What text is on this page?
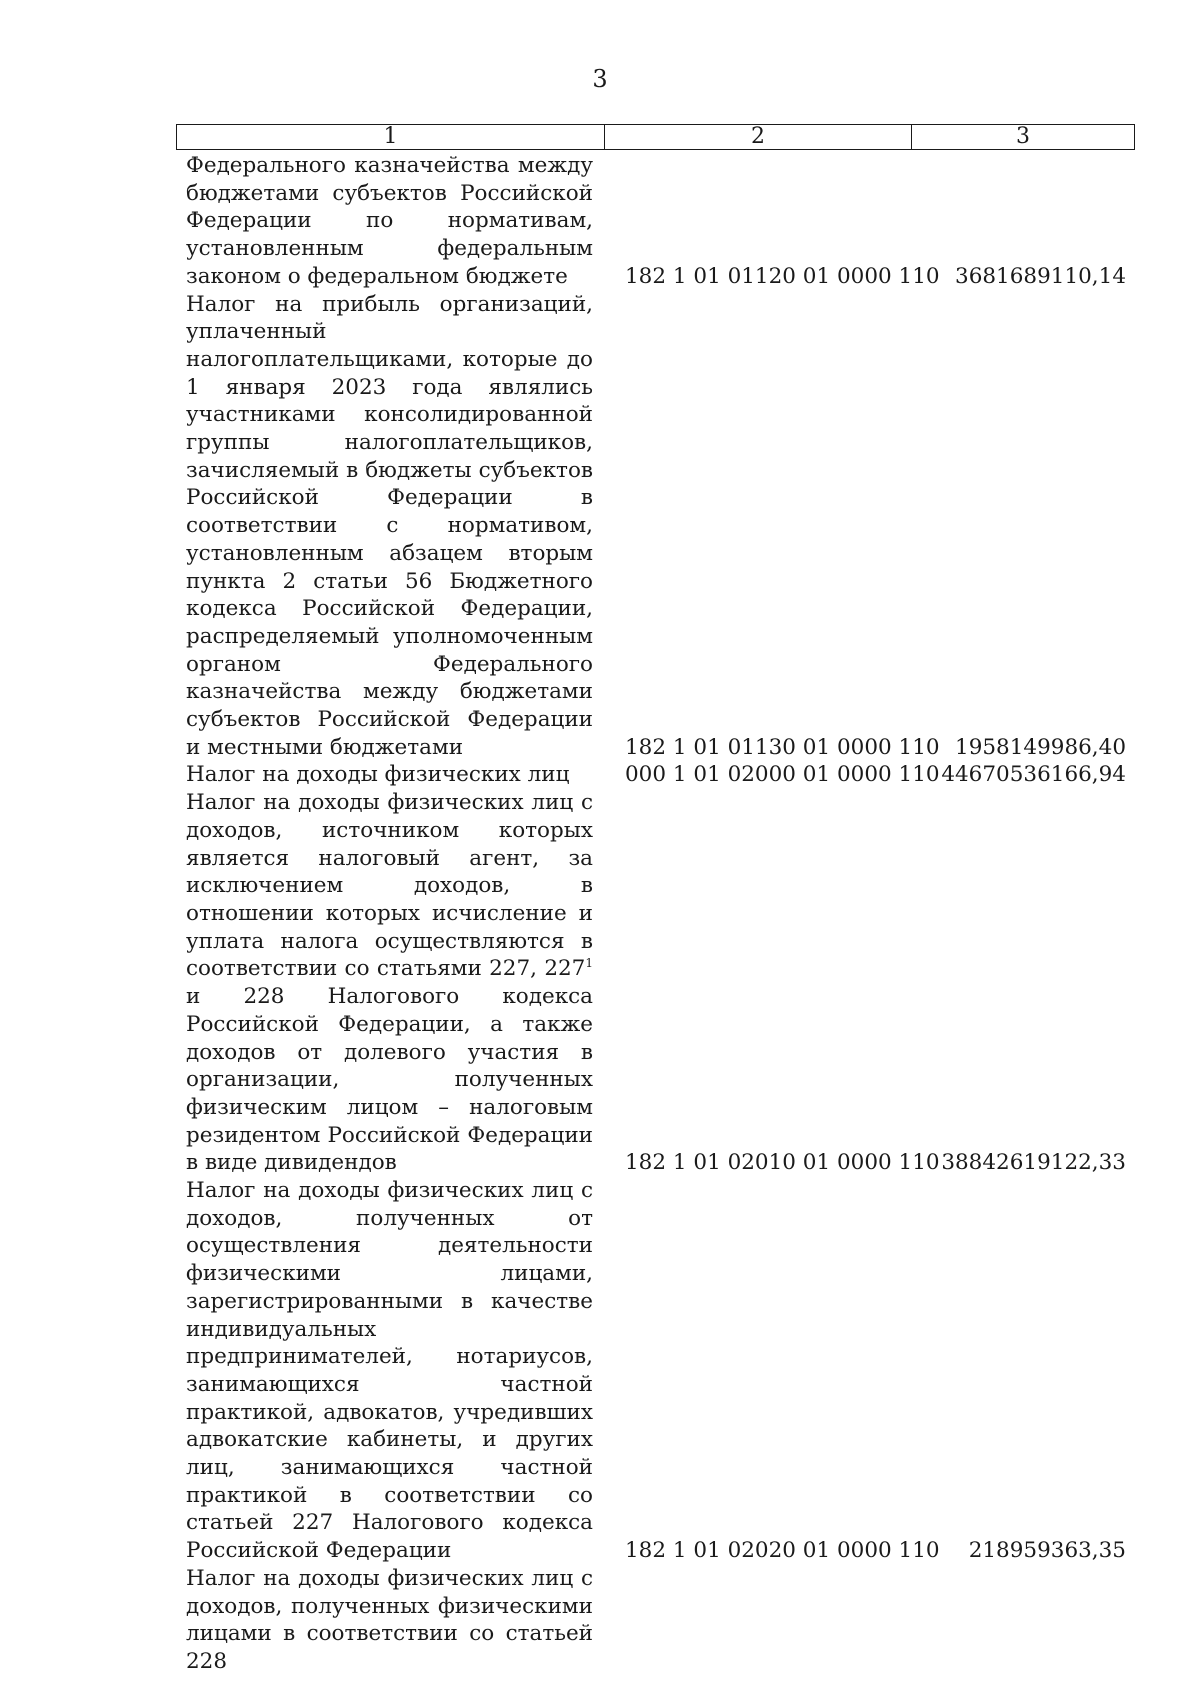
3
1	2	3
Федерального казначейства между бюджетами субъектов Российской Федерации по нормативам, установленным федеральным законом о федеральном бюджете	182 1 01 01120 01 0000 110 3681689110,14
Налог на прибыль организаций, уплаченный налогоплательщиками, которые до 1 января 2023 года являлись участниками консолидированной группы налогоплательщиков, зачисляемый в бюджеты субъектов Российской Федерации в соответствии с нормативом, установленным абзацем вторым пункта 2 статьи 56 Бюджетного кодекса Российской Федерации, распределяемый уполномоченным органом Федерального казначейства между бюджетами субъектов Российской Федерации и местными бюджетами	182 1 01 01130 01 0000 110 1958149986,40
Налог на доходы физических лиц	000 1 01 02000 01 0000 110 44670536166,94
Налог на доходы физических лиц с доходов, источником которых является налоговый агент, за исключением доходов, в отношении которых исчисление и уплата налога осуществляются в соответствии со статьями 227, $227^1$ и 228 Налогового кодекса Российской Федерации, а также доходов от долевого участия в организации, полученных физическим лицом – налоговым резидентом Российской Федерации в виде дивидендов	182 1 01 02010 01 0000 110 38842619122,33
Налог на доходы физических лиц с доходов, полученных от осуществления деятельности физическими лицами, зарегистрированными в качестве индивидуальных предпринимателей, нотариусов, занимающихся частной практикой, адвокатов, учредивших адвокатские кабинеты, и других лиц, занимающихся частной практикой в соответствии со статьей 227 Налогового кодекса Российской Федерации	182 1 01 02020 01 0000 110	218959363,35
Налог на доходы физических лиц с доходов, полученных физическими лицами в соответствии со статьей 228
